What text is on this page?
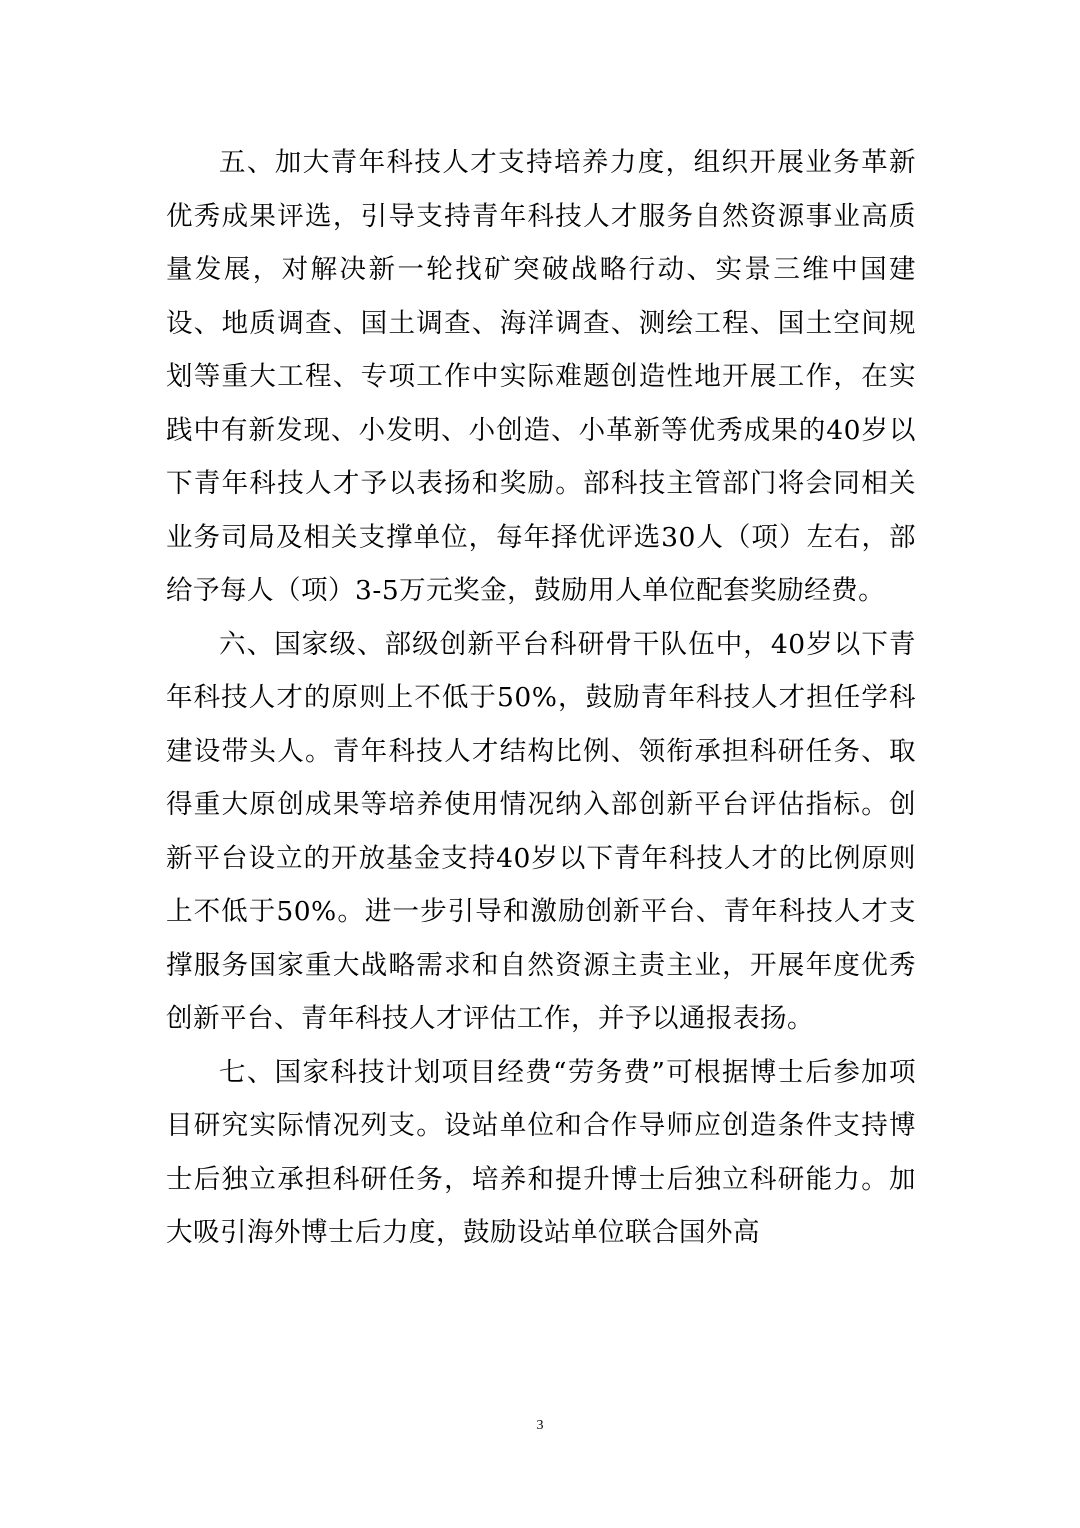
五、加大青年科技人才支持培养力度，组织开展业务革新优秀成果评选，引导支持青年科技人才服务自然资源事业高质量发展，对解决新一轮找矿突破战略行动、实景三维中国建设、地质调查、国土调查、海洋调查、测绘工程、国土空间规划等重大工程、专项工作中实际难题创造性地开展工作，在实践中有新发现、小发明、小创造、小革新等优秀成果的40岁以下青年科技人才予以表扬和奖励。部科技主管部门将会同相关业务司局及相关支撑单位，每年择优评选30人（项）左右，部给予每人（项）3-5万元奖金，鼓励用人单位配套奖励经费。

六、国家级、部级创新平台科研骨干队伍中，40岁以下青年科技人才的原则上不低于50%，鼓励青年科技人才担任学科建设带头人。青年科技人才结构比例、领衔承担科研任务、取得重大原创成果等培养使用情况纳入部创新平台评估指标。创新平台设立的开放基金支持40岁以下青年科技人才的比例原则上不低于50%。进一步引导和激励创新平台、青年科技人才支撑服务国家重大战略需求和自然资源主责主业，开展年度优秀创新平台、青年科技人才评估工作，并予以通报表扬。

七、国家科技计划项目经费“劳务费”可根据博士后参加项目研究实际情况列支。设站单位和合作导师应创造条件支持博士后独立承担科研任务，培养和提升博士后独立科研能力。加大吸引海外博士后力度，鼓励设站单位联合国外高

3
